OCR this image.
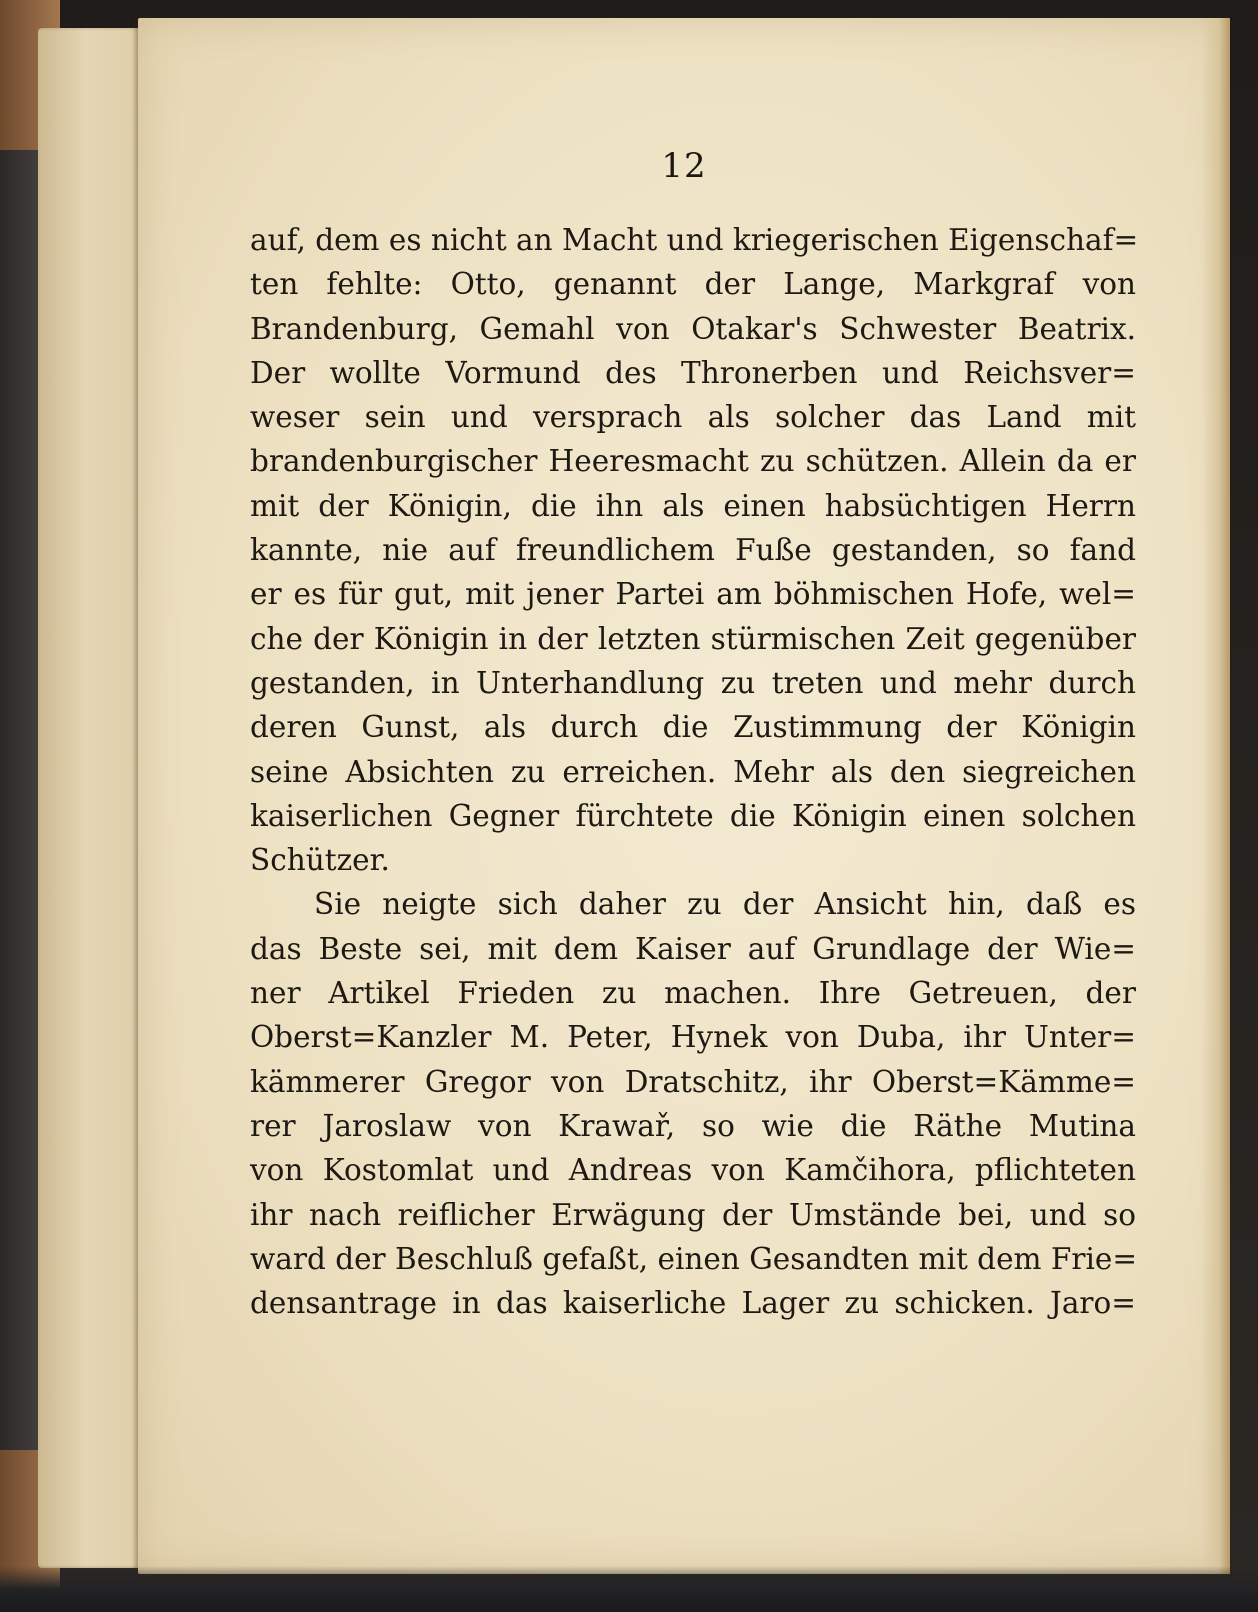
12
auf, dem es nicht an Macht und kriegerischen Eigenschaf=
ten fehlte: Otto, genannt der Lange, Markgraf von
Brandenburg, Gemahl von Otakar's Schwester Beatrix.
Der wollte Vormund des Thronerben und Reichsver=
weser sein und versprach als solcher das Land mit
brandenburgischer Heeresmacht zu schützen. Allein da er
mit der Königin, die ihn als einen habsüchtigen Herrn
kannte, nie auf freundlichem Fuße gestanden, so fand
er es für gut, mit jener Partei am böhmischen Hofe, wel=
che der Königin in der letzten stürmischen Zeit gegenüber
gestanden, in Unterhandlung zu treten und mehr durch
deren Gunst, als durch die Zustimmung der Königin
seine Absichten zu erreichen. Mehr als den siegreichen
kaiserlichen Gegner fürchtete die Königin einen solchen
Schützer.
Sie neigte sich daher zu der Ansicht hin, daß es
das Beste sei, mit dem Kaiser auf Grundlage der Wie=
ner Artikel Frieden zu machen. Ihre Getreuen, der
Oberst=Kanzler M. Peter, Hynek von Duba, ihr Unter=
kämmerer Gregor von Dratschitz, ihr Oberst=Kämme=
rer Jaroslaw von Krawař, so wie die Räthe Mutina
von Kostomlat und Andreas von Kamčihora, pflichteten
ihr nach reiflicher Erwägung der Umstände bei, und so
ward der Beschluß gefaßt, einen Gesandten mit dem Frie=
densantrage in das kaiserliche Lager zu schicken. Jaro=
